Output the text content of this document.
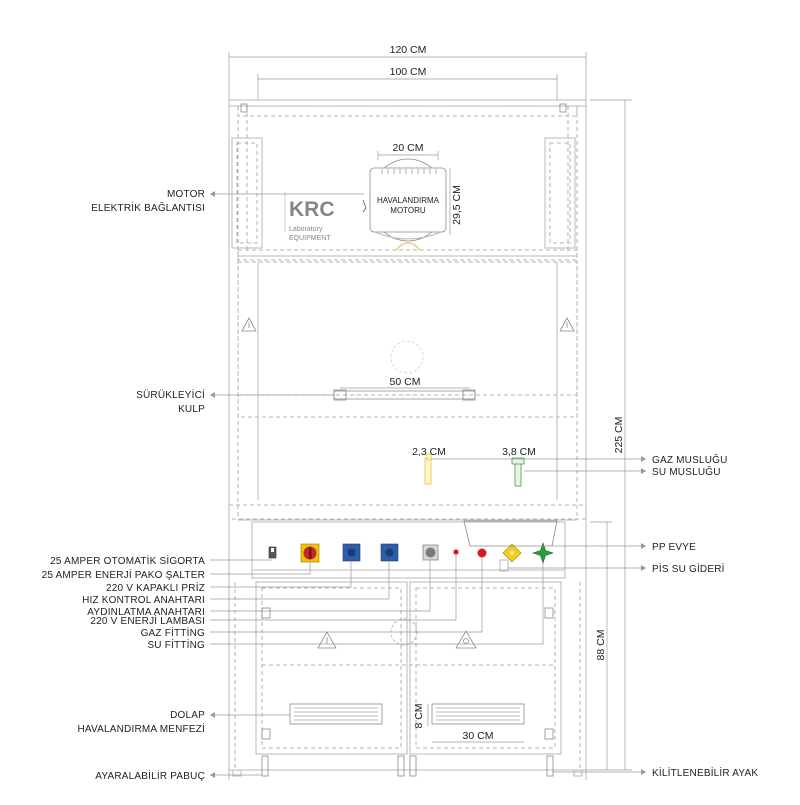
120 CM
100 CM
KRC
Laboratory
EQUIPMENT
HAVALANDIRMA
MOTORU
20 CM
29,5 CM
50 CM
2,3 CM	3,8 CM
8 CM
30 CM
225 CM
88 CM
MOTOR
ELEKTRİK BAĞLANTISI
SÜRÜKLEYİCİ
KULP
25 AMPER OTOMATİK SİGORTA
25 AMPER ENERJİ PAKO ŞALTER
220 V KAPAKLI PRİZ
HIZ KONTROL ANAHTARI
AYDINLATMA ANAHTARI
220 V ENERJİ LAMBASI
GAZ FİTTİNG
SU FİTTİNG
DOLAP
HAVALANDIRMA MENFEZİ
AYARALABİLİR PABUÇ
GAZ MUSLUĞU
SU MUSLUĞU
PP EVYE
PİS SU GİDERİ
KİLİTLENEBİLİR AYAK
